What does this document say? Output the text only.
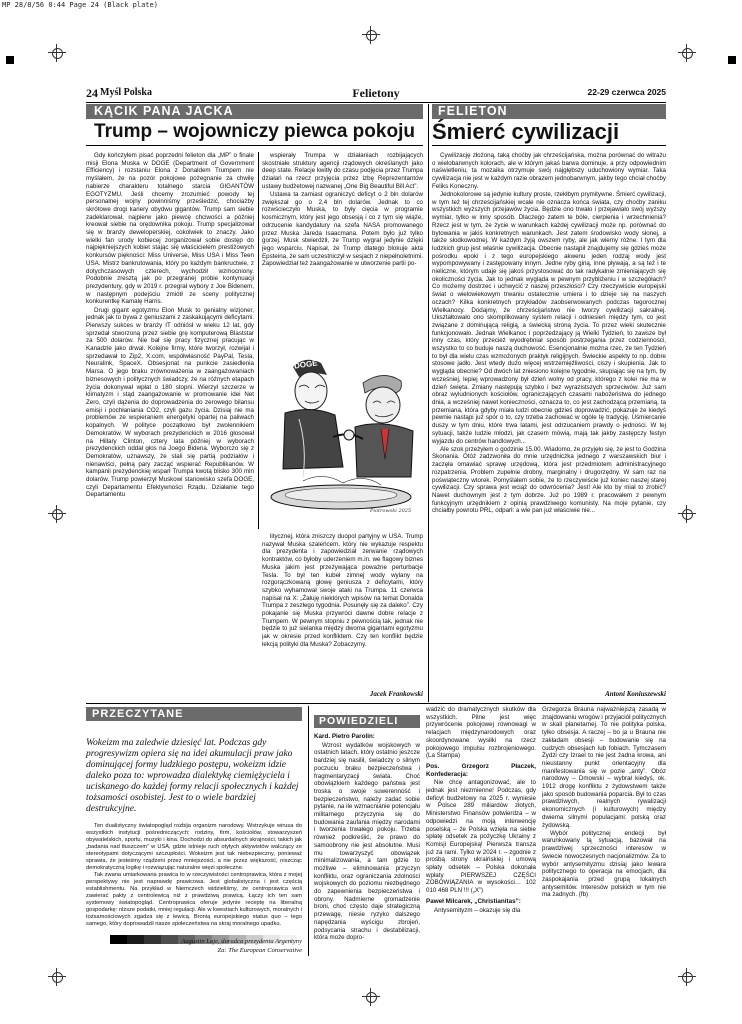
MP 28/8/56 0:44 Page 24 (Black plate)
24 Myśl Polska	Felietony	22-29 czerwca 2025
KĄCIK PANA JACKA
Trump – wojowniczy piewca pokoju

Gdy kończyłem pisać poprzedni felieton dla „MP” o finale misji Elona Muska w DOGE (Department of Government Efficiency) i rozstaniu Elona z Donaldem Trumpem nie myślałem, że na pozór pokojowe pożegnanie za chwilę nabierze charakteru totalnego starcia GIGANTÓW EGOTYZMU. Jeśli chcemy zrozumieć powody tej personalnej wojny powinniśmy prześledzić, chociażby skrótowe drogi kariery obydwu gigantów. Trump sam siebie zadeklarował, najpierw jako piewcę chciwości a później kreował siebie na orędownika pokoju. Trump specjalizował się w branży deweloperskiej, cokolwiek to znaczy. Jako wielki fan urody kobiecej zorganizował sobie dostęp do najpiękniejszych kobiet stając się właścicielem prestiżowych konkursów piękności: Miss Universe, Miss USA i Miss Teen USA. Mistrz bankrutowania, który po każdym bankructwie, z dotychczasowych czterech, wychodził wzmocniony. Podobnie zresztą jak po przegranej próbie kontynuacji prezydentury, gdy w 2019 r. przegrał wybory z Joe Bidenem, w następnym podejściu zmiótł ze sceny politycznej konkurentkę Kamalę Harris.

Drugi gigant egotyzmu Elon Musk to genialny wizjoner, jednak jak to bywa z geniuszami z zaskakującymi deficytami. Pierwszy sukces w branży IT odniósł w wieku 12 lat, gdy sprzedał stworzoną przez siebie grę komputerową Blaststar za 500 dolarów. Nie bał się pracy fizycznej pracując w Kanadzie jako drwal. Kolejne firmy, które tworzył, rozwijał i sprzedawał to Zip2, X.com, współwłasność PayPal, Tesla, Neuralink, SpaceX. Obsesjonat na punkcie zasiedlenia Marsa. O jego braku zrównoważenia w zaangażowaniach biznesowych i politycznych świadczy, że na różnych etapach życia dokonywał wpłat o 180 stopni. Wierzył szczerze w klimatyzm i stąd zaangażowanie w promowanie idei Net Zero, czyli dążenia do doprowadzenia do zerowego bilansu emisji i pochłaniania CO2, czyli gazu życia. Dzisiaj nie ma problemów ze wspieraniem energetyki opartej na paliwach kopalnych. W polityce początkowo był zwolennikiem Demokratów. W wyborach prezydenckich w 2016 głosował na Hillary Clinton, cztery lata później w wyborach prezydenckich oddał głos na Joego Bidena. Wyborczo się z Demokratów, uznawszy, że stali się partią podziałów i nienawiści, pełną pary zacząć wspierać Republikanów. W kampanii prezydenckiej wsparł Trumpa kwotą blisko 300 mln dolarów. Trump powierzył Muskowi stanowisko szefa DOGE, czyli Departamentu Efektywności Rządu. Działanie tego Departamentu

wspierały Trumpa w działaniach rozbijających skostniałe struktury agencji rządowych określanych jako deep state. Relacje kwitły do czasu podjęcia przez Trumpa działań na rzecz przyjęcia przez Izbę Reprezentantów ustawy budżetowej nazwanej „One Big Beautiful Bill Act”.

Ustawa ta zamiast ograniczyć deficyt o 2 bln dolarów zwiększał go o 2,4 bln dolarów. Jednak to co rozwścieczyło Muska, to były cięcia w programie kosmicznym, który jest jego obsesją i co z tym się wiąże, odrzucenie kandydatury na szefa NASA promowanego przez Muska Jareda Isaacmana. Potem było już tylko gorzej. Musk stwierdził, że Trump wygrał jedynie dzięki jego wsparciu. Napisał, że Trump dlatego blokuje akta Epsteina, że sam uczestniczył w sesjach z niepełnoletnimi. Zapowiedział też zaangażowanie w utworzenie partii po-

DOGE
Piotrowski 2025

litycznej, która zniszczy duopol partyjny w USA. Trump nazywał Muska szaleńcem, który nie wykazuje respektu dla prezydenta i zapowiedział zerwanie rządowych kontraktów, co byłoby uderzeniem m.in. we flagowy biznes Muska jakim jest przeżywająca poważne perturbacje Tesla. To był ten kubeł zimnej wody wylany na rozgorączkowaną głowę geniusza z deficytami, który szybko wyhamował swoje ataki na Trumpa. 11 czerwca napisał na X: „Żałuję niektórych wpisów na temat Donalda Trumpa z zeszłego tygodnia. Posunęły się za daleko”. Czy pokajanie się Muska przywróci dawne dobre relacje z Trumpem. W pewnym stopniu z pewnością tak, jednak nie będzie to już sielanka między dwoma gigantami egotyzmu jak w okresie przed konfliktem. Czy ten konflikt będzie lekcją polityki dla Muska? Zobaczymy.

Jacek Frankowski
FELIETON
Śmierć cywilizacji

Cywilizację złożoną, taką choćby jak chrześcijańska, można porównać do witrażu o wielobarwnych kolorach, ale w którym jakaś barwa dominuje, a przy odpowiednim naświetleniu, ta mozaika otrzymuje swój najgłębszy uduchowiony wymiar. Taka cywilizacja nie jest w każdym razie obrazem jednobarwnym, jakby tego chciał choćby Feliks Koneczny.

Jednokolorowe są jedynie kultury proste, rzekłbym prymitywne. Śmierć cywilizacji, w tym też tej chrześcijańskiej wcale nie oznacza końca świata, czy choćby zaniku wszystkich wyższych przejawów życia. Będzie ono trwało i przejawiało swój wyższy wymiar, tylko w inny sposób. Dlaczego zatem te bóle, cierpienia i wrzechnienia? Rzecz jest w tym, że życie w warunkach każdej cywilizacji może np. porównać do bytowania w jakiś konkretnych warunkach. Jest zatem środowisko wody słonej, a także słodkowodnej. W każdym żyją owszem ryby, ale jak wiemy różne. I tym dla ludzkich grup jest właśnie cywilizacja. Obecnie nastąpił znajdujemy się gdzieś może pośrodku epoki i z tego europejskiego akwenu jeden rodzaj wody jest wypompowywany i zastępowany innym. Jedne ryby giną, inne pływają, a są też i te nieliczne, którym udaje się jakoś przystosować do tak radykalnie zmieniających się okoliczności życia. Jak to jednak wygląda w pewnym przybliżeniu i w szczegółach? Co możemy dostrzec i uchwycić z naszej przeszłości? Czy rzeczywiście europejski świat o wielowiekowym trwaniu ostatecznie umiera i to dzieje się na naszych oczach? Kilka konkretnych przykładów zaobserwowanych podczas tegorocznej Wielkanocy. Dodajmy, że chrześcijaństwo nie tworzy cywilizacji sakralnej. Ukształtowało ono skomplikowany system relacji i odniesień między tym, co jest związane z dominującą religią, a świecką stroną życia. To przez wieki skutecznie funkcjonowało. Jednak Wielkanoc i poprzedzający ją Wielki Tydzień, to zawsze był inny czas, który przecież wyodrębniał sposób postrzegania przez codzienności, wszystko to co buduje naszą duchowość. Esencjonalnie można rzec, że ten Tydzień to był dla wielu czas wzmożonych praktyk religijnych. Świeckie aspekty to np. dobre stosowe jadło. Jest wtedy dużo więcej wstrzemięźliwości, ciszy i skupienia. Jak to wygląda obecnie? Od dwóch lat zniesiono kolejne tygodnie, skupiając się na tym, by wcześniej, lepiej wprowadzony był dzień wolny od pracy, którego z kolei nie ma w dzień święta. Zmiany następują szybko i bez wyrazistszych sprzeciwów. Już sam obraz wyludnionych kościołów, ograniczających czasami nabożeństwa do jednego dnia, a wcześniej nawet konieczności, oznacza to, co jest zachodzącą przemianą, ta przemiana, która gdyby miała ludzi obecnie gdzieś doprowadzić, pokazuje że kiedyś pewnie nastąpi już spór o to, czy trzeba zachować w ogóle tę tradycję. Uśmiercanie duszy w tym dniu, które trwa latami, jest odrzucaniem prawdy o jedności. W tej sytuacji, także ludzie młodzi, jak czasem mówią, mają tak jakby zastępczy festyn wyjazdu do centrów handlowych...

Ale szok przeżyłem o godzinie 15.00. Wiadomo, że przyjęło się, że jest to Godzina Skonania. Otóż zadzwoniła do mnie urzędniczka jednego z warszawskich biur i zaczęła omawiać sprawę urzędową, która jest przedmiotem administracyjnego rozpatrzenia. Problem zupełnie drobny, marginalny i drugorzędny. W sam raz na poświąteczny wtorek. Pomyślałem sobie, że to rzeczywiście już koniec naszej starej cywilizacji. Czy sprawa jest wciąż do odwrócenia? Jest! Ale kto by miał to zrobić? Nawet duchownym jest z tym dobrze. Już po 1989 r. pracowałem z pewnym funkcyjnym urzędnikiem z opinią prawdziwego komunisty. Na moje pytanie, czy chciałby powrotu PRL, odparł: a wie pan już właściwie nie...

Antoni Koniuszewski
PRZECZYTANE
Wokeizm ma zaledwie dziesięć lat. Podczas gdy progresywizm opiera się na idei akumulacji praw jako dominującej formy ludzkiego postępu, wokeizm idzie daleko poza to: wprowadza dialektykę ciemiężyciela i uciskanego do każdej formy relacji społecznych i każdej tożsamości osobistej. Jest to o wiele bardziej destrukcyjne.

Ten dualistyczny światopogląd rozbija organizm narodowy. Wstrzykuje wirusa do wszystkich instytucji pośredniczących: rodziny, firm, kościołów, stowarzyszeń obywatelskich, sportu, muzyki i kina. Dochodzi do absurdalnych skrajności, takich jak „badania nad tłuszczem” w USA, gdzie istnieje ruch otyłych aktywistów walczący ze stereotypami dotyczącymi szczupłości. Wokeizm jest tak niebezpieczny, ponieważ sprawia, że jesteśmy rządzeni przez mniejszości, a nie przez większość, niszcząc demokratyczną logikę i rozwiązując naturalne więzi społeczne.

Tak zwana umiarkowana prawica to w rzeczywistości centroprawica, która z mojej perspektywy nie jest naprawdę prawicowa. Jest globalistyczna i jest częścią establishmentu. Na przykład w Niemczech widzieliśmy, że centroprawica woli zawierać pakty z centrolewicą niż z prawdziwą prawicą. Łączy ich ten sam systemowy światopogląd. Centroprawica oferuje jedynie receptę na liberalną gospodarkę: niższe podatki, mniej regulacji. Ale w kwestiach kulturowych, moralnych i tożsamościowych zgadza się z lewicą. Bronią europejskiego status quo – tego samego, który doprowadził nasze społeczeństwa na skraj moralnego upadku.

Augustin Laje, doradca prezydenta Argentyny
Za: The European Conservative
POWIEDZIELI
Kard. Pietro Parolin:

Wzrost wydatków wojskowych w ostatnich latach, który ostatnio jeszcze bardziej się nasilił, świadczy o silnym poczuciu braku bezpieczeństwa i fragmentaryzacji świata. Choć obowiązkiem każdego państwa jest troska o swoje suwerenność i bezpieczeństwo, należy zadać sobie pytanie, na ile wzmacnianie potencjału militarnego przyczynia się do budowania zaufania między narodami i tworzenia trwałego pokoju. Trzeba również podkreślić, że prawo do samoobrony nie jest absolutne. Musi mu towarzyszyć obowiązek minimalizowania, a tam gdzie to możliwe – eliminowania przyczyn konfliktu, oraz ograniczania zdolności wojskowych do poziomu niezbędnego do zapewnienia bezpieczeństwa i obrony. Nadmierne gromadzenie broni, choć często daje strategiczną przewagę, niesie ryzyko dalszego napędzania wyścigu zbrojeń, podsycania strachu i destabilizacji, która może dopro-

wadzić do dramatycznych skutków dla wszystkich. Pilne jest więc przywrócenie pokojowej równowagi w relacjach międzynarodowych oraz skoordynowane wysiłki na rzecz pokojowego impulsu rozbrojeniowego.(La Stampa)

Pos. Grzegorz Płaczek, Konfederacja:

Nie chcę antagonizować, ale to jednak jest niezmienne! Podczas, gdy deficyt budżetowy na 2025 r. wyniesie w Polsce 289 miliardów złotych, Ministerstwo Finansów potwierdza – w odpowiedzi na moją interwencję poselską – że Polska wzięła na siebie spłatę odsetek za pożyczkę Ukrainy z Komisji Europejską! Pierwsza transza już za rami. Tylko w 2024 r. – zgodnie z prośbą strony ukraińskiej i umową spłaty odsetek – Polska dokonała wpłaty PIERWSZEJ CZĘŚCI ZOBOWIĄZANIA w wysokości… 102 010 468 PLN !!! („X”)

Paweł Milcarek, „Christianitas”:

Antysemityzm – okazuje się dla

Grzegorza Brauna najważniejszą zasadą w znajdowaniu wrogów i przyjaciół politycznych w skali planetarnej. To nie polityka polska, tylko obsesja. A raczej – bo ja u Brauna nie zakładam obsesji – budowanie się na cudzych obsesjach lub fobiach. Tymczasem Żydzi czy Izrael to nie jest żadna krowa, ani nieustanny punkt orientacyjny dla manifestowania się w pozie „anty”. Obóz narodowy – Dmowski – wybrał kiedyś, ok. 1912 drogę konfliktu z żydowstwem także jako sposób budowania poparcia. Był to czas prawdziwych, realnych rywalizacji ekonomicznych (i kulturowych) między dwiema silnymi populacjami: polską oraz żydowską.

Wybór politycznej endecji był warunkowany tą sytuacją, bazował na prawdziwej sprzeczności interesów w świecie nowoczesnych nacjonalizmów. Za to wybór antysemityzmu dzisiaj jako lewara politycznego to operacja na emocjach, dla zaspokajania przed grupą lokalnych antysemitów. Interesów polskich w tym nie ma żadnych. (fb)
